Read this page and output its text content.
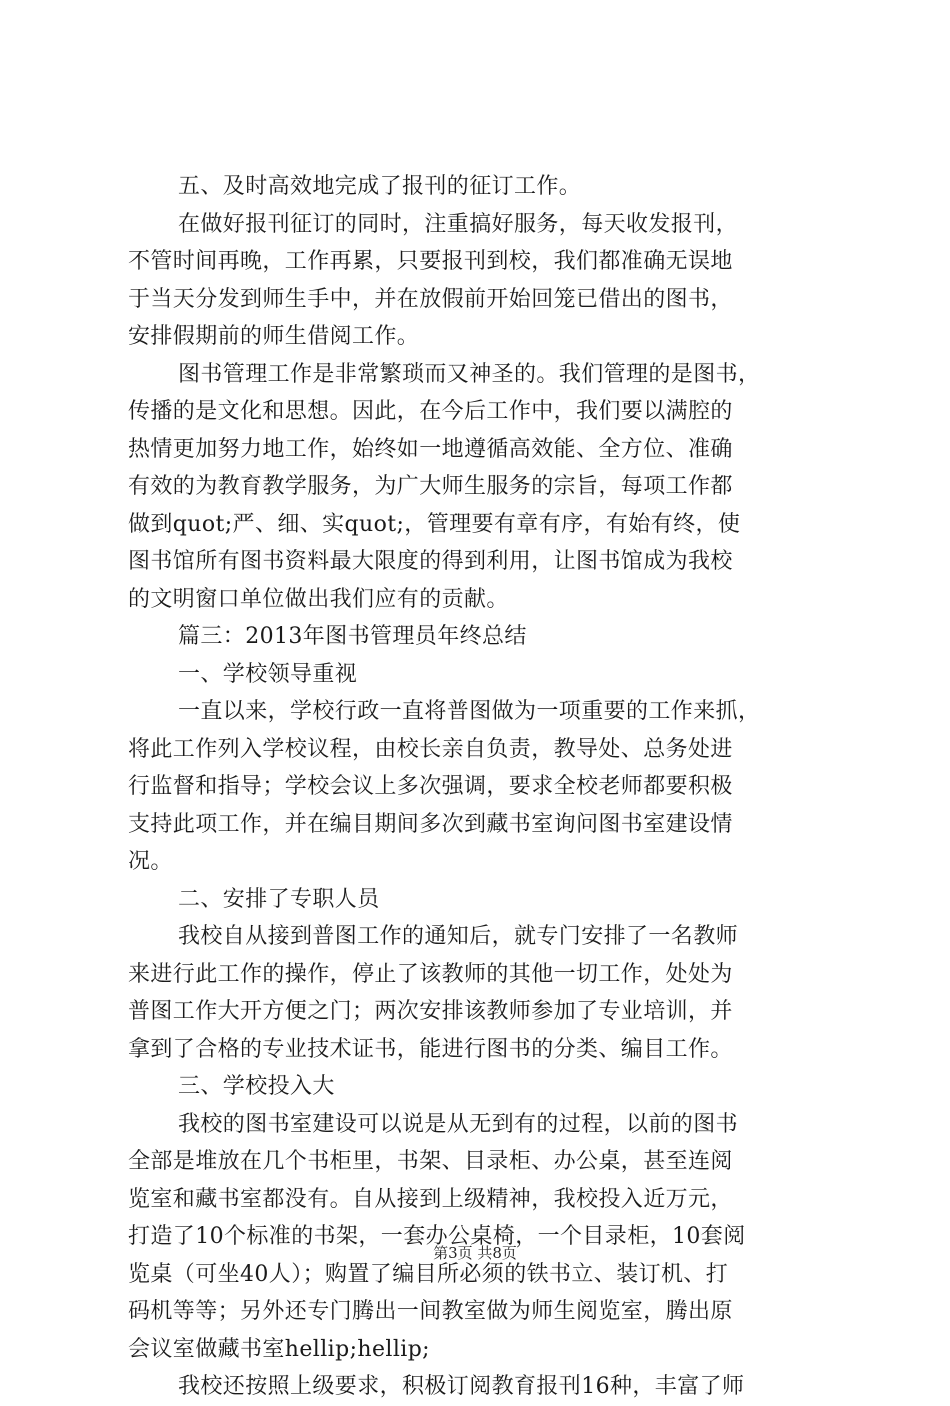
五、及时高效地完成了报刊的征订工作。
在做好报刊征订的同时，注重搞好服务，每天收发报刊，
不管时间再晚，工作再累，只要报刊到校，我们都准确无误地
于当天分发到师生手中，并在放假前开始回笼已借出的图书，
安排假期前的师生借阅工作。
图书管理工作是非常繁琐而又神圣的。我们管理的是图书，
传播的是文化和思想。因此，在今后工作中，我们要以满腔的
热情更加努力地工作，始终如一地遵循高效能、全方位、准确
有效的为教育教学服务，为广大师生服务的宗旨，每项工作都
做到quot;严、细、实quot;，管理要有章有序，有始有终，使
图书馆所有图书资料最大限度的得到利用，让图书馆成为我校
的文明窗口单位做出我们应有的贡献。
篇三：2013年图书管理员年终总结
一、学校领导重视
一直以来，学校行政一直将普图做为一项重要的工作来抓，
将此工作列入学校议程，由校长亲自负责，教导处、总务处进
行监督和指导；学校会议上多次强调，要求全校老师都要积极
支持此项工作，并在编目期间多次到藏书室询问图书室建设情
况。
二、安排了专职人员
我校自从接到普图工作的通知后，就专门安排了一名教师
来进行此工作的操作，停止了该教师的其他一切工作，处处为
普图工作大开方便之门；两次安排该教师参加了专业培训，并
拿到了合格的专业技术证书，能进行图书的分类、编目工作。
三、学校投入大
我校的图书室建设可以说是从无到有的过程，以前的图书
全部是堆放在几个书柜里，书架、目录柜、办公桌，甚至连阅
览室和藏书室都没有。自从接到上级精神，我校投入近万元，
打造了10个标准的书架，一套办公桌椅，一个目录柜，10套阅
览桌（可坐40人）；购置了编目所必须的铁书立、装订机、打
码机等等；另外还专门腾出一间教室做为师生阅览室，腾出原
会议室做藏书室hellip;hellip;
我校还按照上级要求，积极订阅教育报刊16种，丰富了师
第3页 共8页
